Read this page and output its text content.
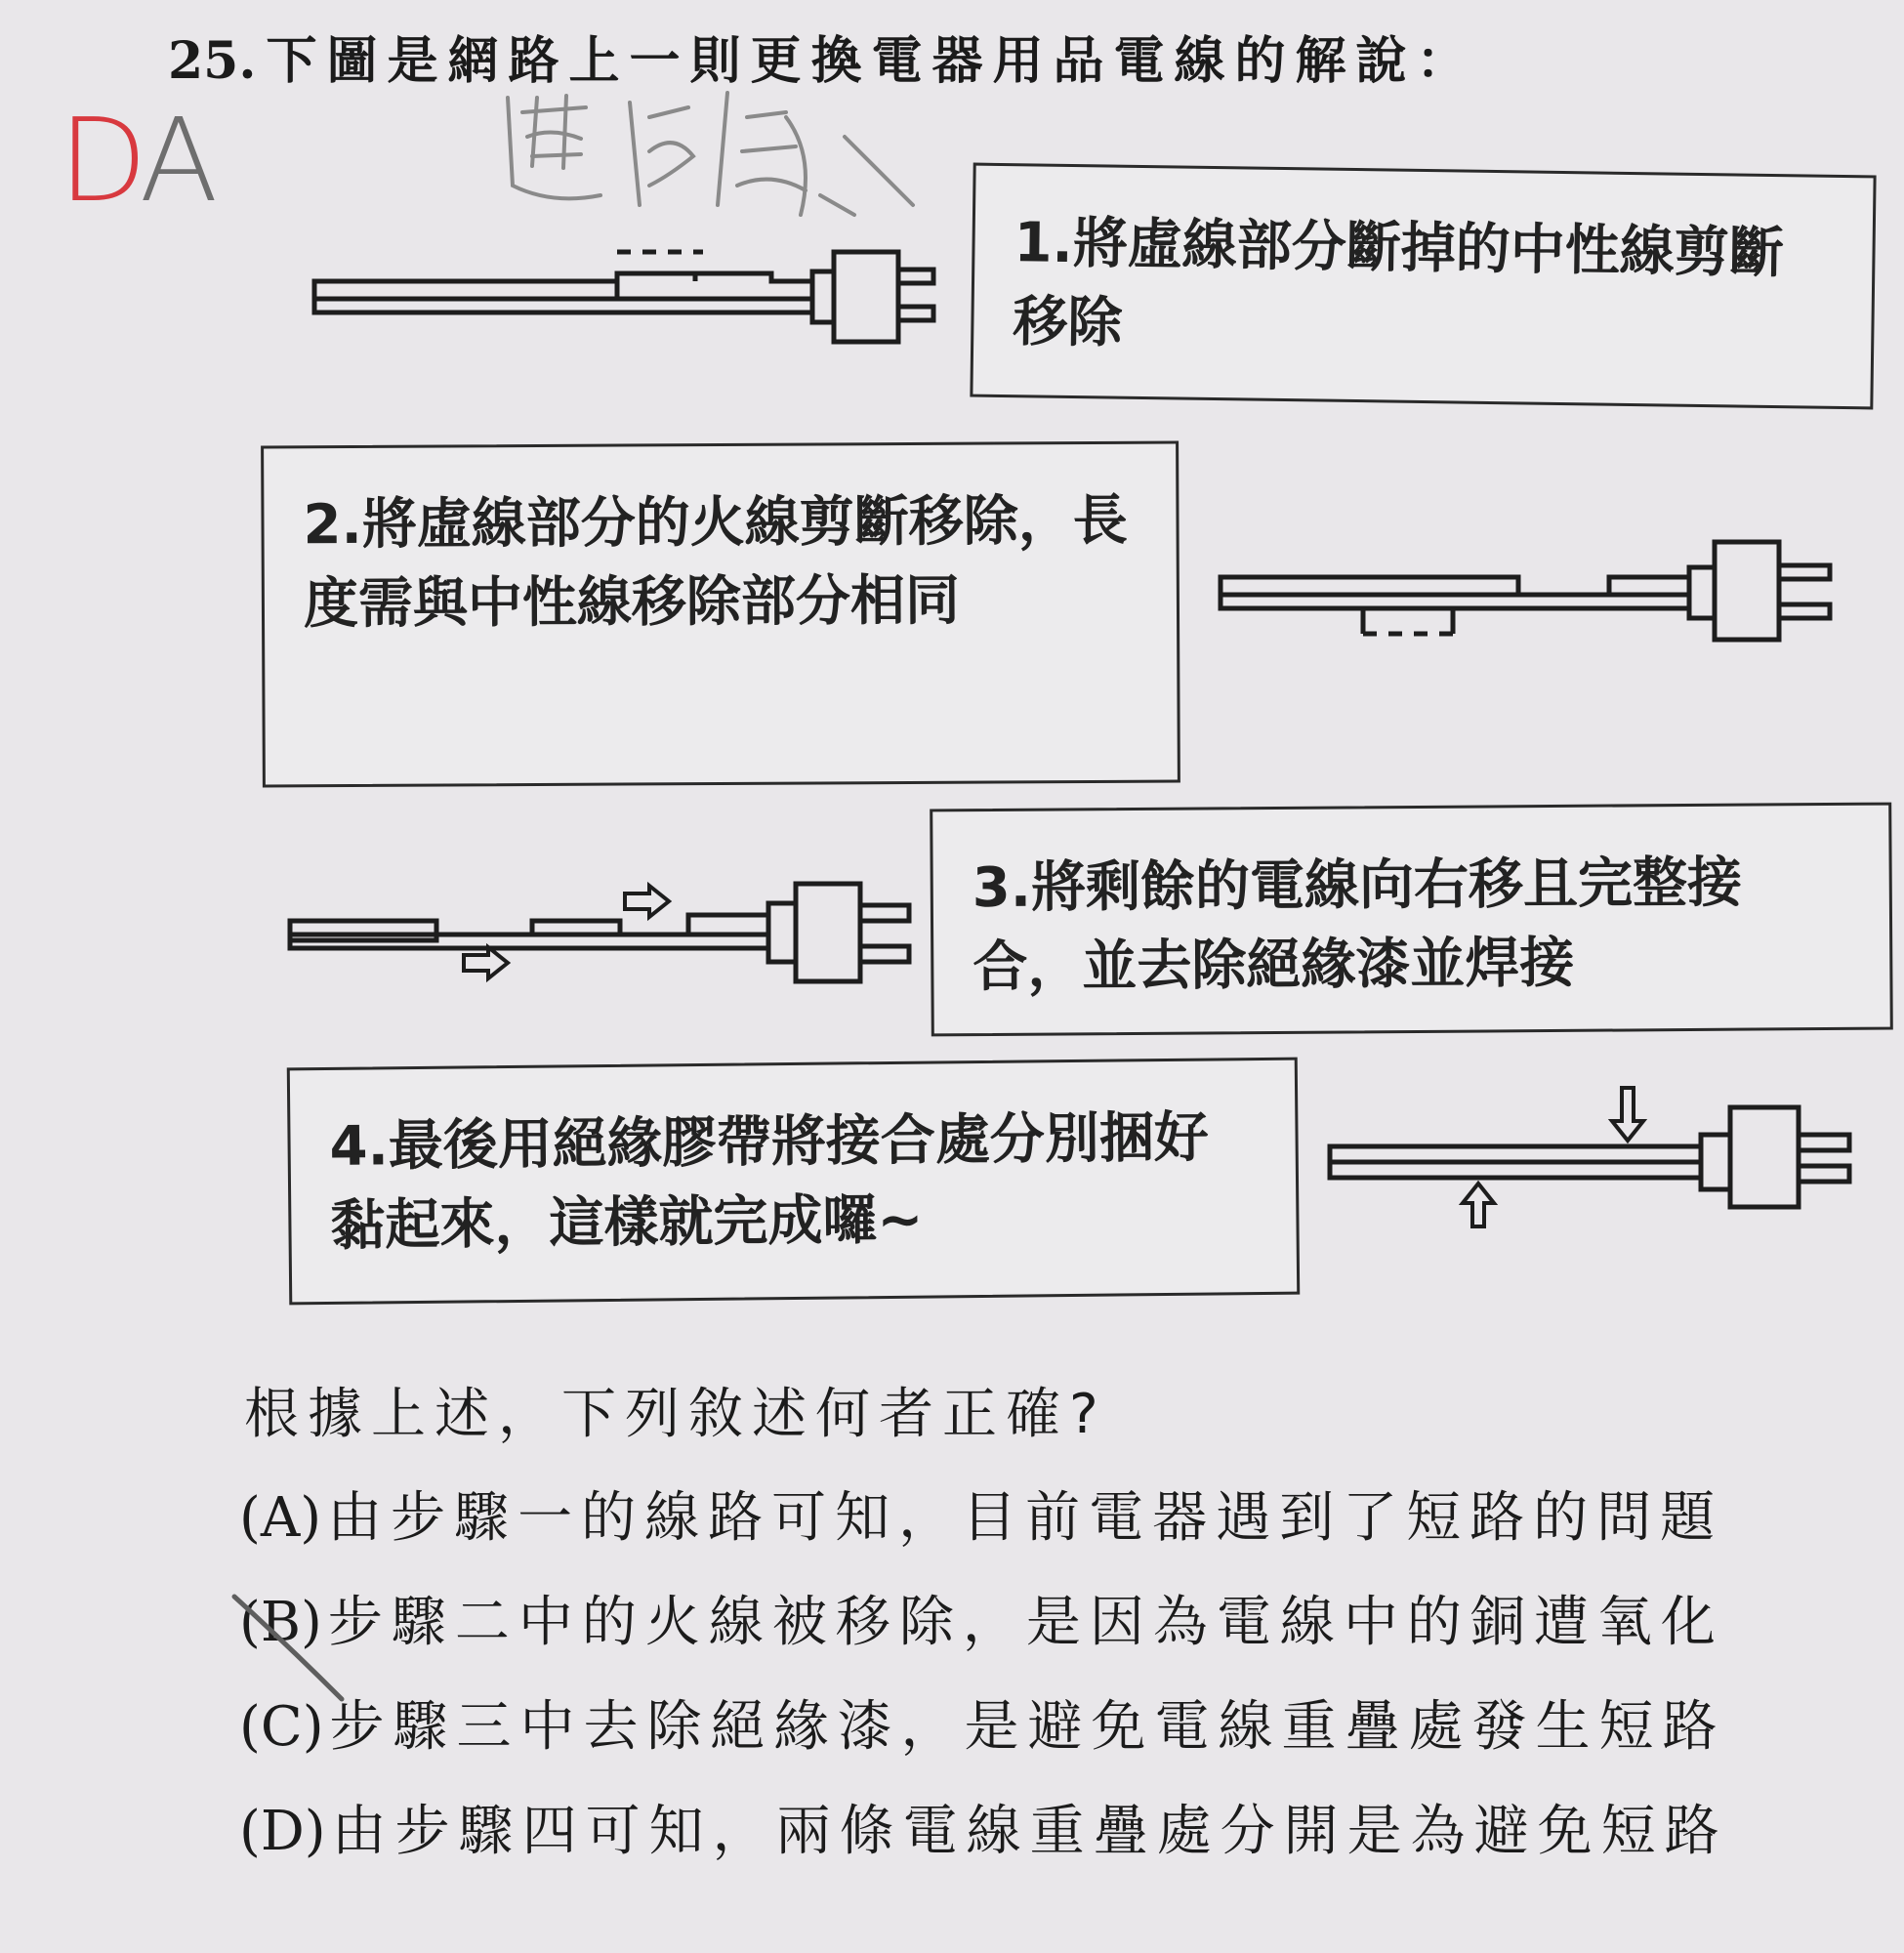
25. 下圖是網路上一則更換電器用品電線的解說：
DA
1.將虛線部分斷掉的中性線剪斷移除
2.將虛線部分的火線剪斷移除，長度需與中性線移除部分相同
3.將剩餘的電線向右移且完整接合，並去除絕緣漆並焊接
4.最後用絕緣膠帶將接合處分別捆好黏起來，這樣就完成囉~
根據上述，下列敘述何者正確?
(A) 由步驟一的線路可知，目前電器遇到了短路的問題
(B) 步驟二中的火線被移除，是因為電線中的銅遭氧化
(C) 步驟三中去除絕緣漆，是避免電線重疊處發生短路
(D) 由步驟四可知，兩條電線重疊處分開是為避免短路
